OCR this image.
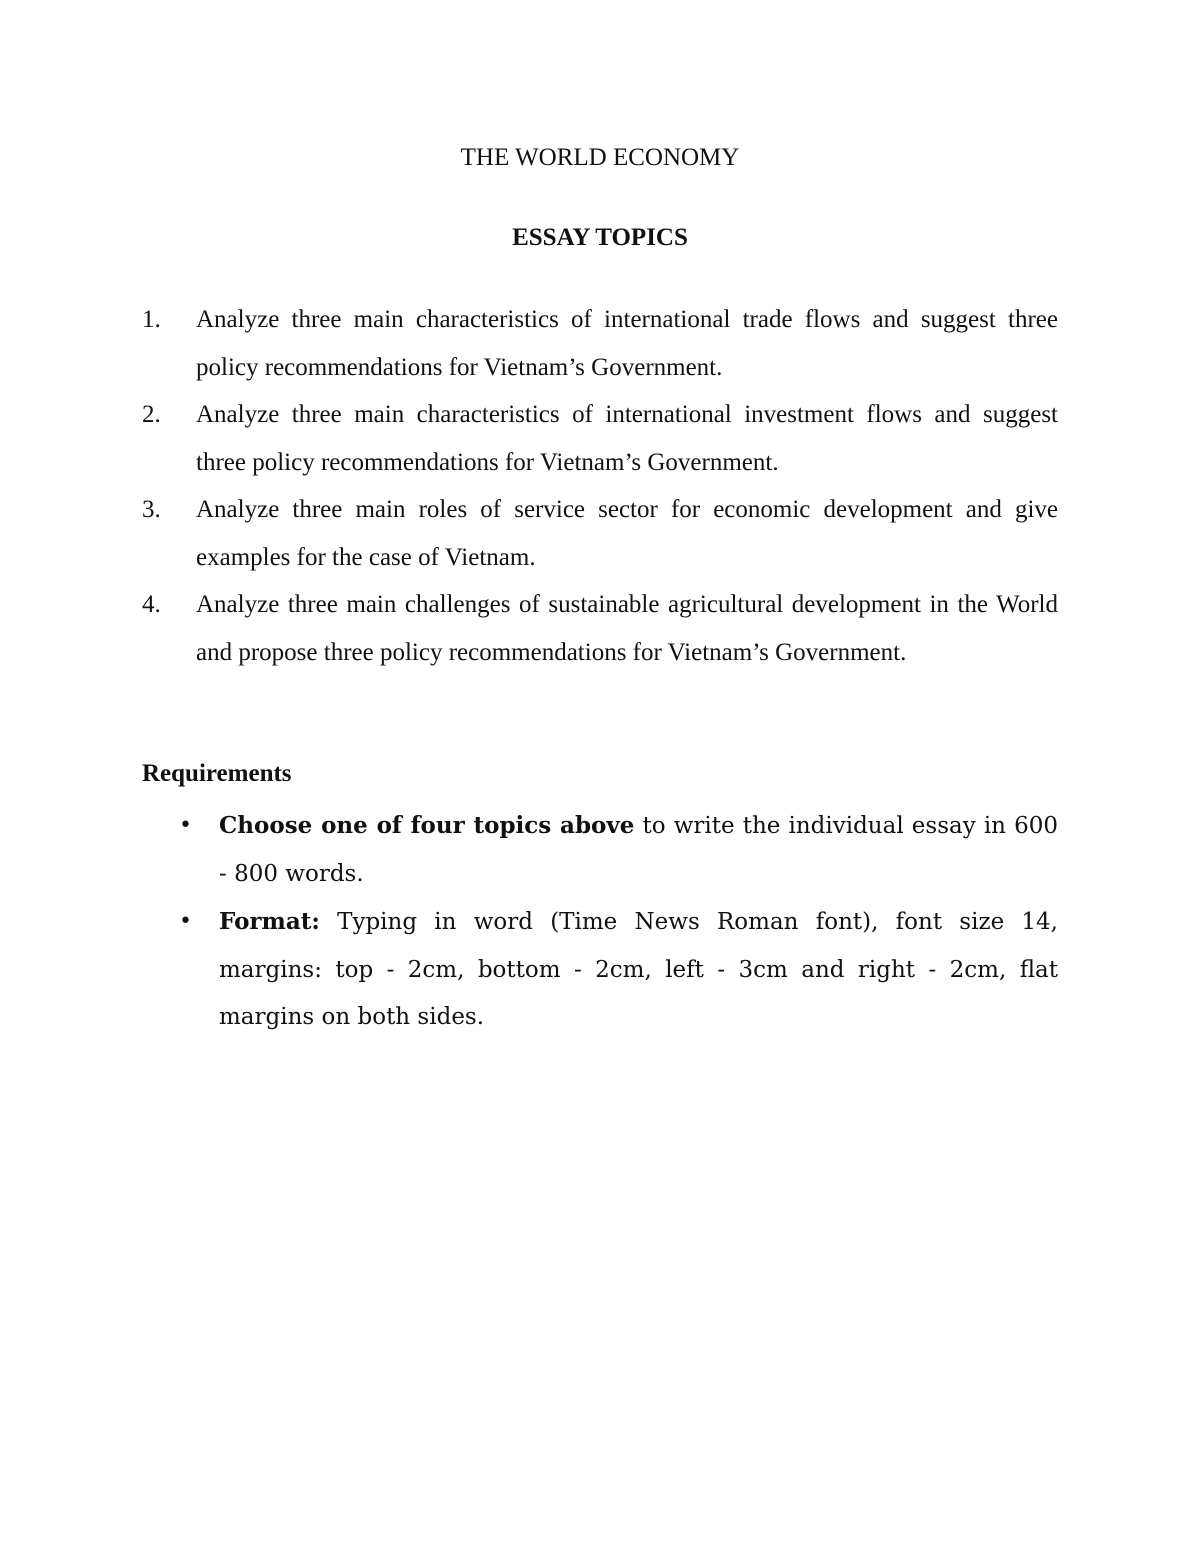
THE WORLD ECONOMY
ESSAY TOPICS
1. Analyze three main characteristics of international trade flows and suggest three policy recommendations for Vietnam’s Government.
2. Analyze three main characteristics of international investment flows and suggest three policy recommendations for Vietnam’s Government.
3. Analyze three main roles of service sector for economic development and give examples for the case of Vietnam.
4. Analyze three main challenges of sustainable agricultural development in the World and propose three policy recommendations for Vietnam’s Government.
Requirements
• Choose one of four topics above to write the individual essay in 600 - 800 words.
• Format: Typing in word (Time News Roman font), font size 14, margins: top - 2cm, bottom - 2cm, left - 3cm and right - 2cm, flat margins on both sides.
